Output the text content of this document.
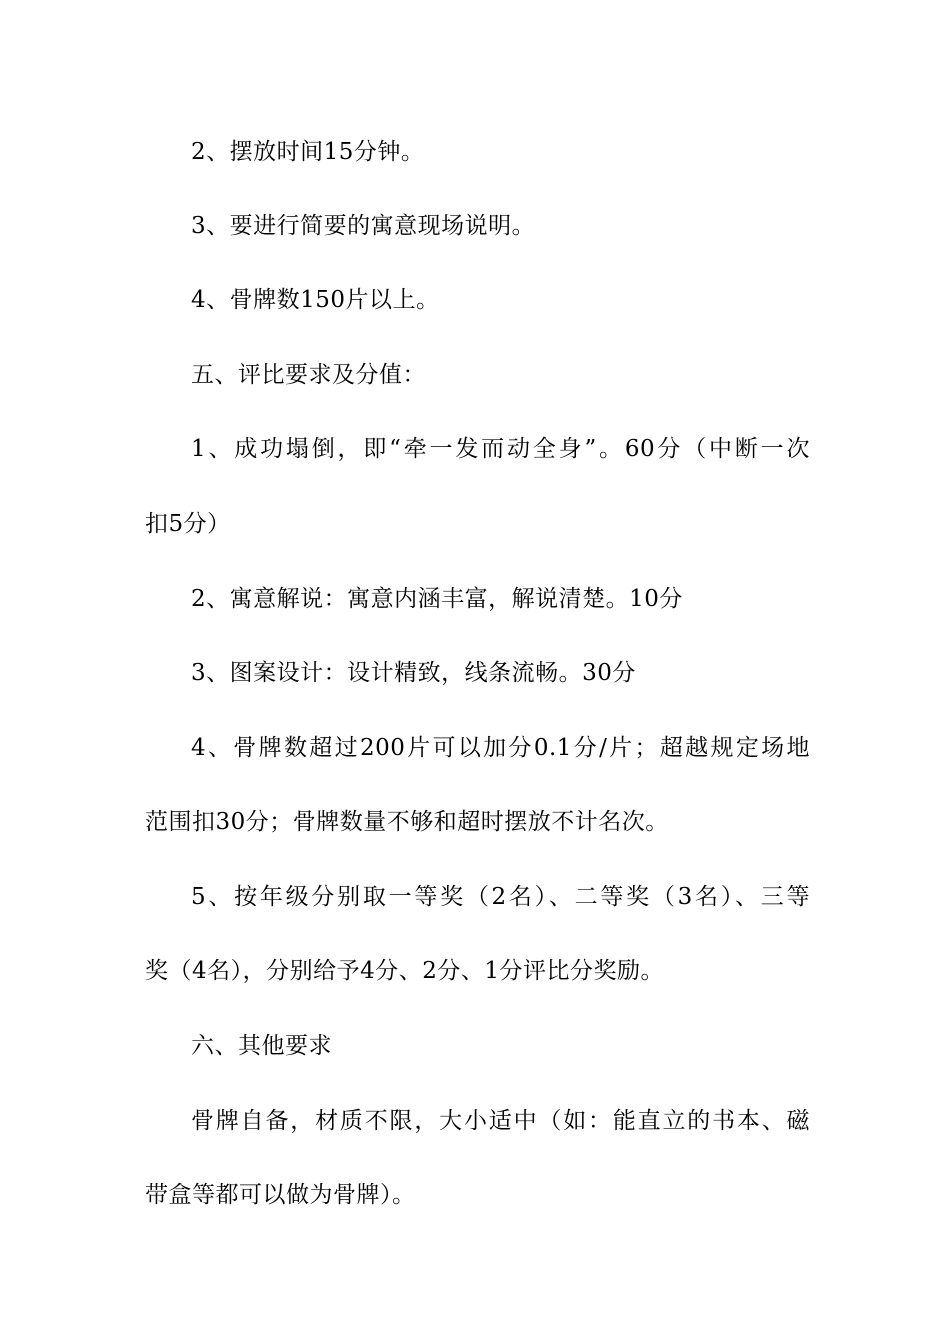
2、摆放时间15分钟。
3、要进行简要的寓意现场说明。
4、骨牌数150片以上。
五、评比要求及分值：
1、成功塌倒，即“牵一发而动全身”。60分（中断一次
扣5分）
2、寓意解说：寓意内涵丰富，解说清楚。10分
3、图案设计：设计精致，线条流畅。30分
4、骨牌数超过200片可以加分0.1分/片；超越规定场地
范围扣30分；骨牌数量不够和超时摆放不计名次。
5、按年级分别取一等奖（2名）、二等奖（3名）、三等
奖（4名），分别给予4分、2分、1分评比分奖励。
六、其他要求
骨牌自备，材质不限，大小适中（如：能直立的书本、磁
带盒等都可以做为骨牌）。
